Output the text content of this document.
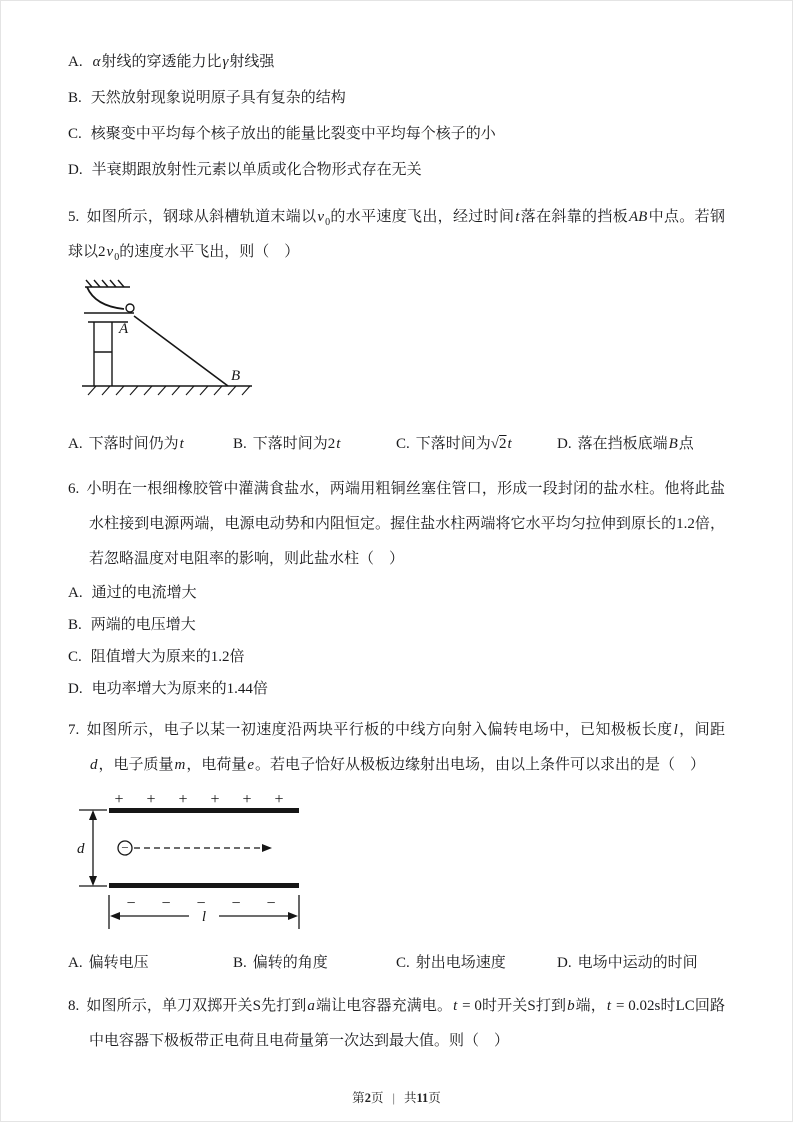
A. α射线的穿透能力比γ射线强

B. 天然放射现象说明原子具有复杂的结构

C. 核聚变中平均每个核子放出的能量比裂变中平均每个核子的小

D. 半衰期跟放射性元素以单质或化合物形式存在无关

5. 如图所示，钢球从斜槽轨道末端以$v_0$的水平速度飞出，经过时间t落在斜靠的挡板AB中点。若钢球以$2v_0$的速度水平飞出，则（　）

A
B

A. 下落时间仍为t	B. 下落时间为2t	C. 下落时间为√2t	D. 落在挡板底端B点

6. 小明在一根细橡胶管中灌满食盐水，两端用粗铜丝塞住管口，形成一段封闭的盐水柱。他将此盐水柱接到电源两端，电源电动势和内阻恒定。握住盐水柱两端将它水平均匀拉伸到原长的1.2倍，若忽略温度对电阻率的影响，则此盐水柱（　）

A. 通过的电流增大

B. 两端的电压增大

C. 阻值增大为原来的1.2倍

D. 电功率增大为原来的1.44倍

7. 如图所示，电子以某一初速度沿两块平行板的中线方向射入偏转电场中，已知极板长度l，间距d，电子质量m，电荷量e。若电子恰好从极板边缘射出电场，由以上条件可以求出的是（　）

+ + + + + +
− − − − −
d	−
l

A. 偏转电压	B. 偏转的角度	C. 射出电场速度	D. 电场中运动的时间

8. 如图所示，单刀双掷开关S先打到a端让电容器充满电。t = 0时开关S打到b端，t = 0.02s时LC回路中电容器下极板带正电荷且电荷量第一次达到最大值。则（　）

第2页 | 共11页
